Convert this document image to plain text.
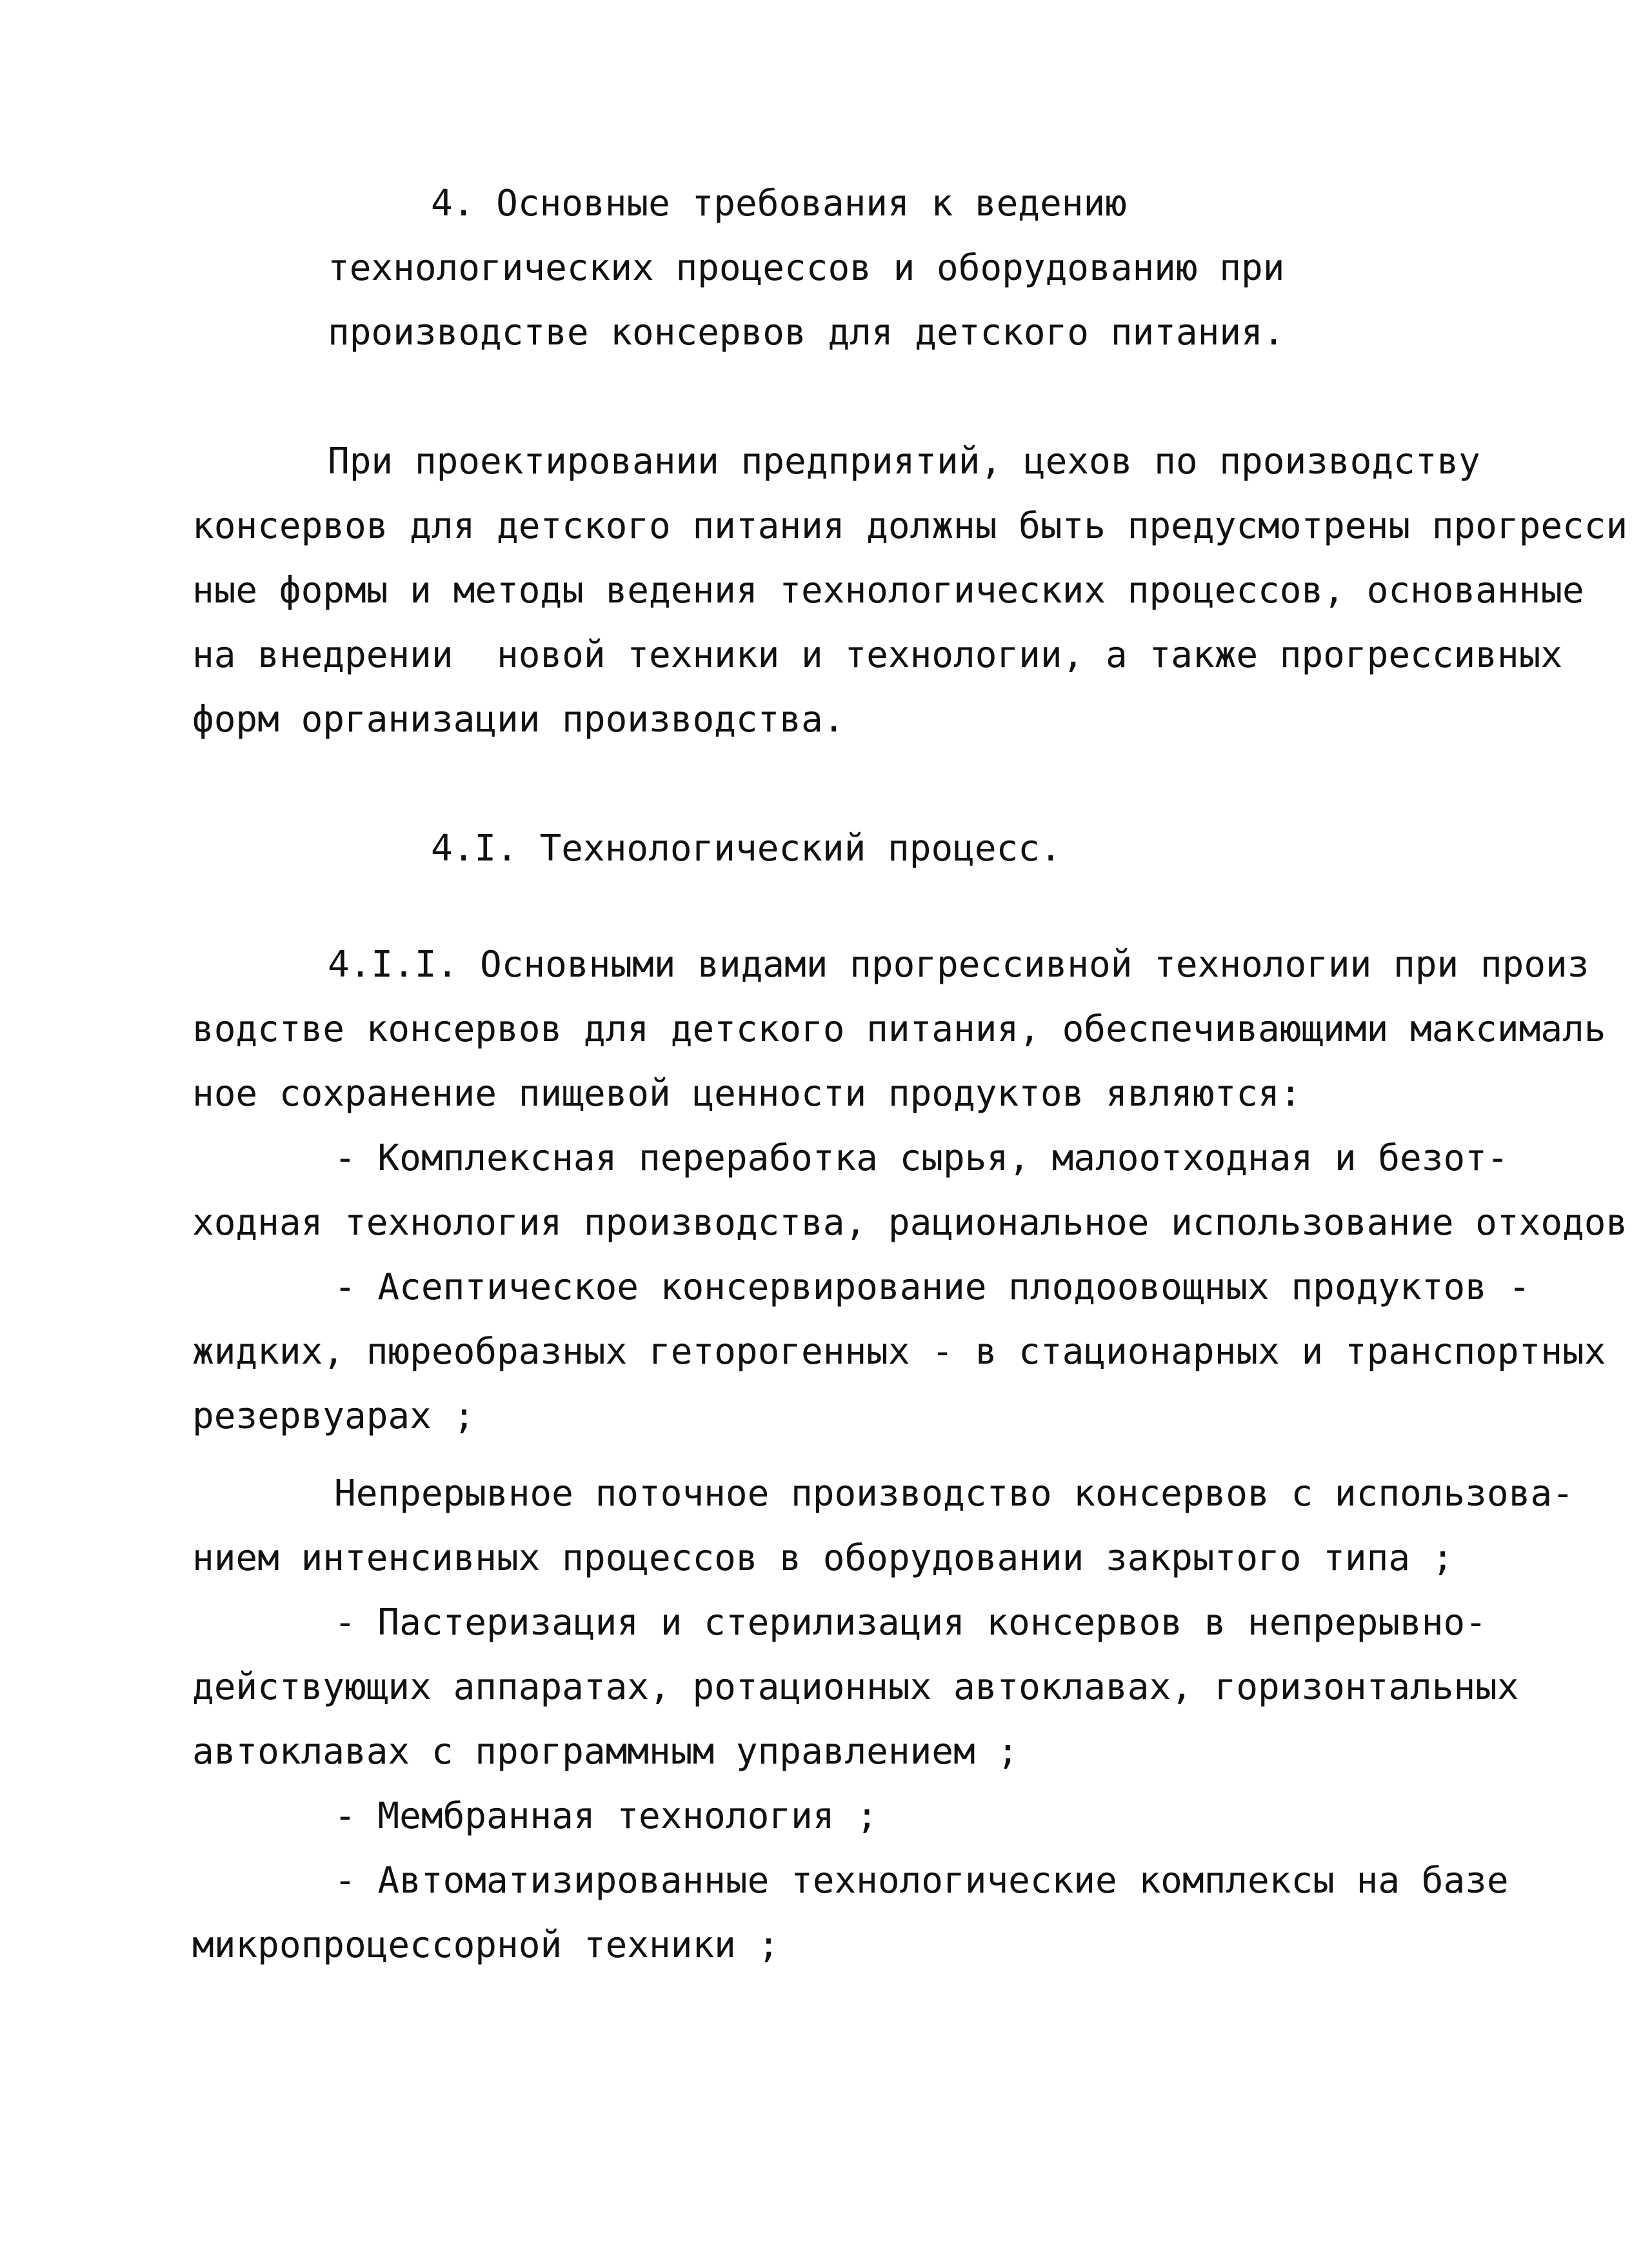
4. Основные требования к ведению
технологических процессов и оборудованию при
производстве консервов для детского питания.
При проектировании предприятий, цехов по производству
консервов для детского питания должны быть предусмотрены прогресси
ные формы и методы ведения технологических процессов, основанные
на внедрении  новой техники и технологии, а также прогрессивных
форм организации производства.
4.I. Технологический процесс.
4.I.I. Основными видами прогрессивной технологии при произ
водстве консервов для детского питания, обеспечивающими максималь
ное сохранение пищевой ценности продуктов являются:
- Комплексная переработка сырья, малоотходная и безот-
ходная технология производства, рациональное использование отходов
- Асептическое консервирование плодоовощных продуктов -
жидких, пюреобразных геторогенных - в стационарных и транспортных
резервуарах ;
Непрерывное поточное производство консервов с использова-
нием интенсивных процессов в оборудовании закрытого типа ;
- Пастеризация и стерилизация консервов в непрерывно-
действующих аппаратах, ротационных автоклавах, горизонтальных
автоклавах с программным управлением ;
- Мембранная технология ;
- Автоматизированные технологические комплексы на базе
микропроцессорной техники ;
